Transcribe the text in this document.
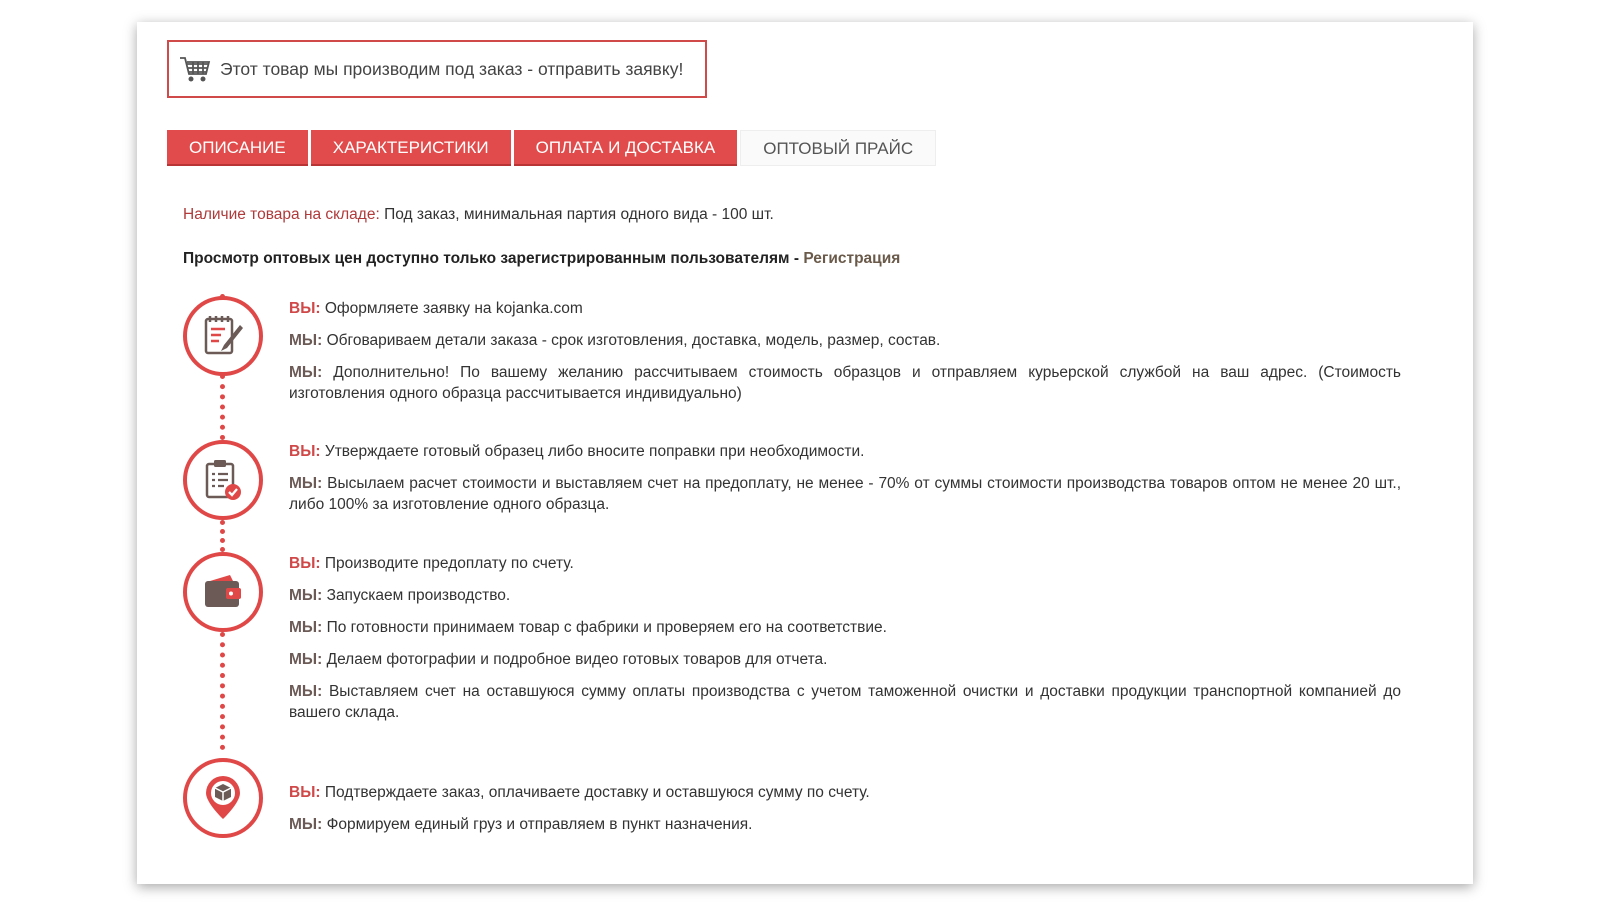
Этот товар мы производим под заказ - отправить заявку!
ОПИСАНИЕ	ХАРАКТЕРИСТИКИ	ОПЛАТА И ДОСТАВКА	ОПТОВЫЙ ПРАЙС
Наличие товара на складе: Под заказ, минимальная партия одного вида - 100 шт.
Просмотр оптовых цен доступно только зарегистрированным пользователям - Регистрация
ВЫ: Оформляете заявку на kojanka.com
МЫ: Обговариваем детали заказа - срок изготовления, доставка, модель, размер, состав.
МЫ: Дополнительно! По вашему желанию рассчитываем стоимость образцов и отправляем курьерской службой на ваш адрес. (Стоимость изготовления одного образца рассчитывается индивидуально)
ВЫ: Утверждаете готовый образец либо вносите поправки при необходимости.
МЫ: Высылаем расчет стоимости и выставляем счет на предоплату, не менее - 70% от суммы стоимости производства товаров оптом не менее 20 шт., либо 100% за изготовление одного образца.
ВЫ: Производите предоплату по счету.
МЫ: Запускаем производство.
МЫ: По готовности принимаем товар с фабрики и проверяем его на соответствие.
МЫ: Делаем фотографии и подробное видео готовых товаров для отчета.
МЫ: Выставляем счет на оставшуюся сумму оплаты производства с учетом таможенной очистки и доставки продукции транспортной компанией до вашего склада.
ВЫ: Подтверждаете заказ, оплачиваете доставку и оставшуюся сумму по счету.
МЫ: Формируем единый груз и отправляем в пункт назначения.
